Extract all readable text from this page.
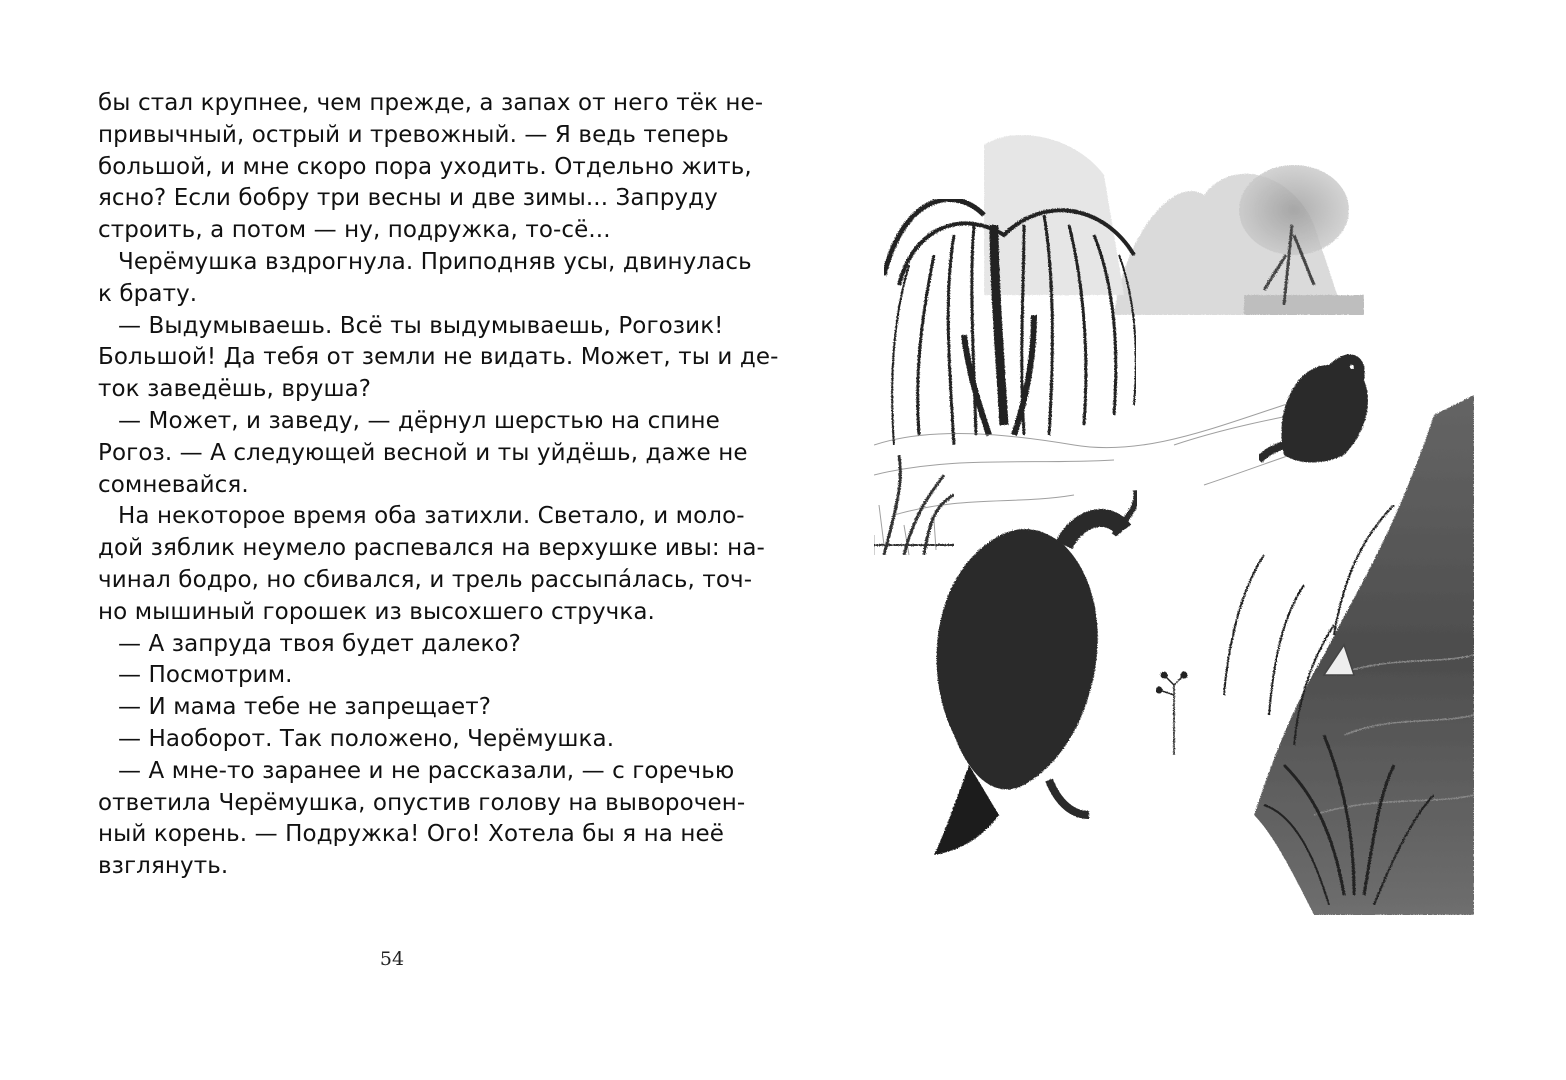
бы стал крупнее, чем прежде, а запах от него тёк не-
привычный, острый и тревожный. — Я ведь теперь
большой, и мне скоро пора уходить. Отдельно жить,
ясно? Если бобру три весны и две зимы... Запруду
строить, а потом — ну, подружка, то-сё...
Черёмушка вздрогнула. Приподняв усы, двинулась
к брату.
— Выдумываешь. Всё ты выдумываешь, Рогозик!
Большой! Да тебя от земли не видать. Может, ты и де-
ток заведёшь, вруша?
— Может, и заведу, — дёрнул шерстью на спине
Рогоз. — А следующей весной и ты уйдёшь, даже не
сомневайся.
На некоторое время оба затихли. Светало, и моло-
дой зяблик неумело распевался на верхушке ивы: на-
чинал бодро, но сбивался, и трель рассыпáлась, точ-
но мышиный горошек из высохшего стручка.
— А запруда твоя будет далеко?
— Посмотрим.
— И мама тебе не запрещает?
— Наоборот. Так положено, Черёмушка.
— А мне-то заранее и не рассказали, — с горечью
ответила Черёмушка, опустив голову на выворочен-
ный корень. — Подружка! Ого! Хотела бы я на неё
взглянуть.
54
